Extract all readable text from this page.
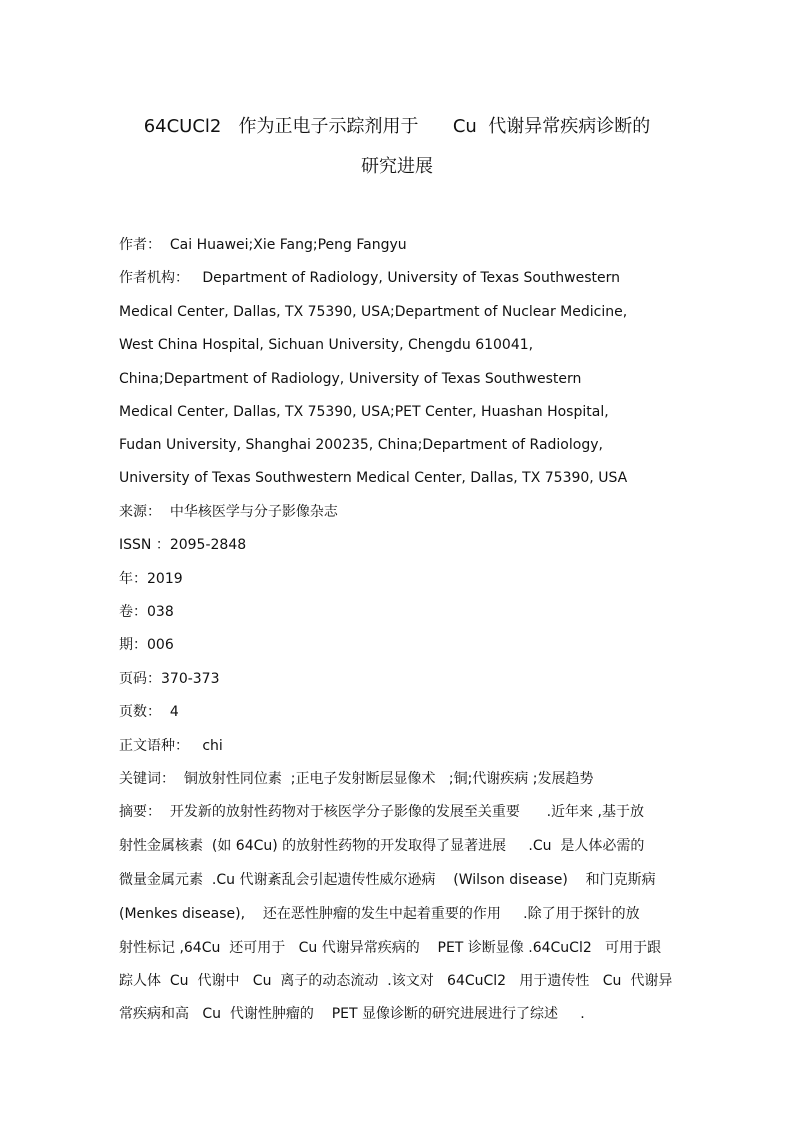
64CUCl2   作为正电子示踪剂用于      Cu  代谢异常疾病诊断的
研究进展
作者：  Cai Huawei;Xie Fang;Peng Fangyu
作者机构：   Department of Radiology, University of Texas Southwestern
Medical Center, Dallas, TX 75390, USA;Department of Nuclear Medicine,
West China Hospital, Sichuan University, Chengdu 610041,
China;Department of Radiology, University of Texas Southwestern
Medical Center, Dallas, TX 75390, USA;PET Center, Huashan Hospital,
Fudan University, Shanghai 200235, China;Department of Radiology,
University of Texas Southwestern Medical Center, Dallas, TX 75390, USA
来源：  中华核医学与分子影像杂志
ISSN ：2095-2848
年：2019
卷：038
期：006
页码：370-373
页数：  4
正文语种：   chi
关键词：  铜放射性同位素  ;正电子发射断层显像术   ;铜;代谢疾病 ;发展趋势
摘要：  开发新的放射性药物对于核医学分子影像的发展至关重要      .近年来 ,基于放
射性金属核素  (如 64Cu) 的放射性药物的开发取得了显著进展     .Cu  是人体必需的
微量金属元素  .Cu 代谢紊乱会引起遗传性威尔逊病    (Wilson disease)    和门克斯病
(Menkes disease),    还在恶性肿瘤的发生中起着重要的作用     .除了用于探针的放
射性标记 ,64Cu  还可用于   Cu 代谢异常疾病的    PET 诊断显像 .64CuCl2   可用于跟
踪人体  Cu  代谢中   Cu  离子的动态流动  .该文对   64CuCl2   用于遗传性   Cu  代谢异
常疾病和高   Cu  代谢性肿瘤的    PET 显像诊断的研究进展进行了综述     .
